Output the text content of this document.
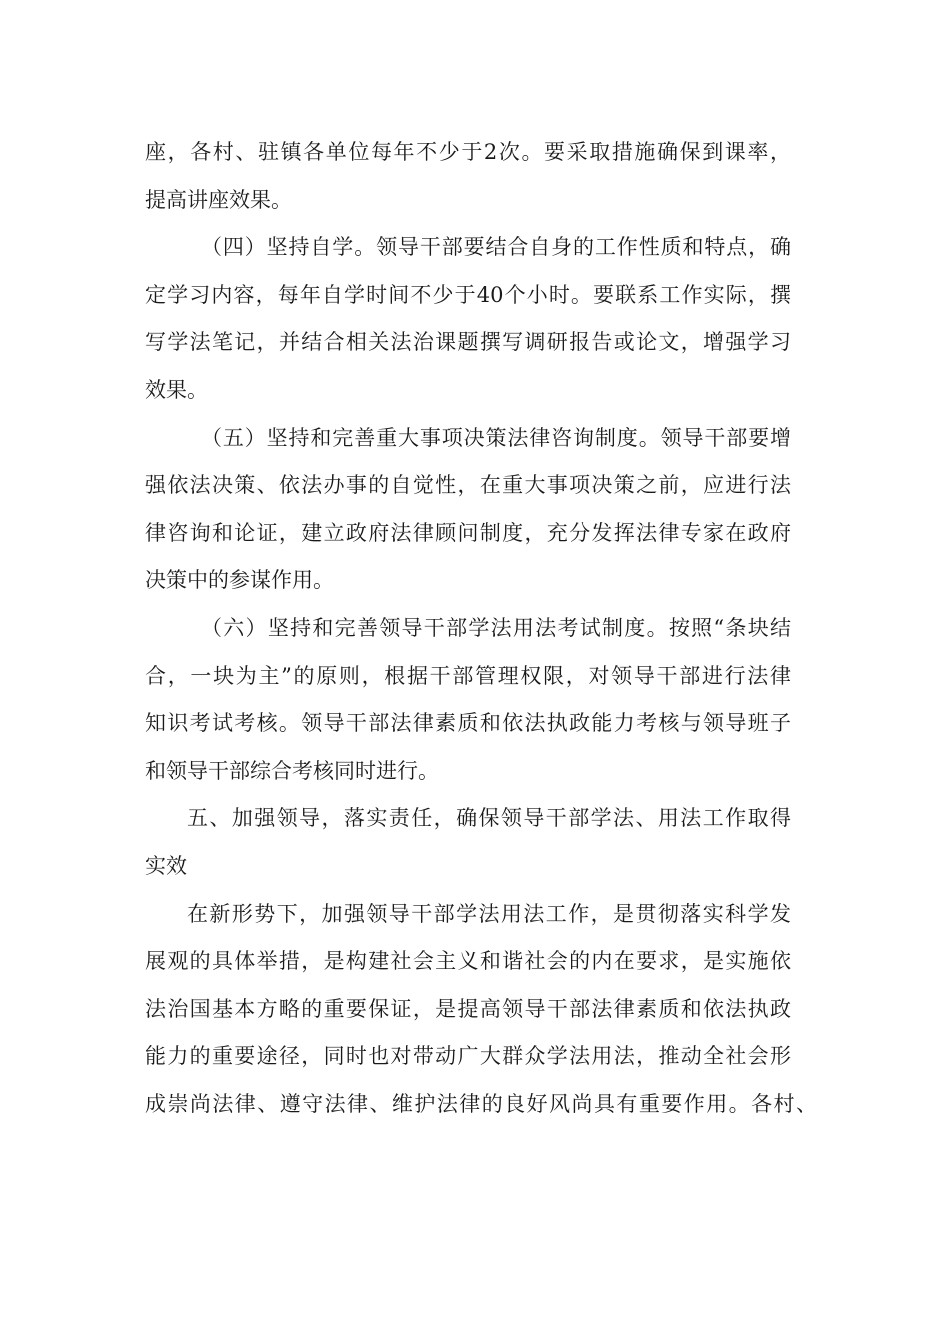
座，各村、驻镇各单位每年不少于2次。要采取措施确保到课率，
提高讲座效果。
（四）坚持自学。领导干部要结合自身的工作性质和特点，确
定学习内容，每年自学时间不少于40个小时。要联系工作实际，撰
写学法笔记，并结合相关法治课题撰写调研报告或论文，增强学习
效果。
（五）坚持和完善重大事项决策法律咨询制度。领导干部要增
强依法决策、依法办事的自觉性，在重大事项决策之前，应进行法
律咨询和论证，建立政府法律顾问制度，充分发挥法律专家在政府
决策中的参谋作用。
（六）坚持和完善领导干部学法用法考试制度。按照“条块结
合，一块为主”的原则，根据干部管理权限，对领导干部进行法律
知识考试考核。领导干部法律素质和依法执政能力考核与领导班子
和领导干部综合考核同时进行。
五、加强领导，落实责任，确保领导干部学法、用法工作取得
实效
在新形势下，加强领导干部学法用法工作，是贯彻落实科学发
展观的具体举措，是构建社会主义和谐社会的内在要求，是实施依
法治国基本方略的重要保证，是提高领导干部法律素质和依法执政
能力的重要途径，同时也对带动广大群众学法用法，推动全社会形
成崇尚法律、遵守法律、维护法律的良好风尚具有重要作用。各村、
